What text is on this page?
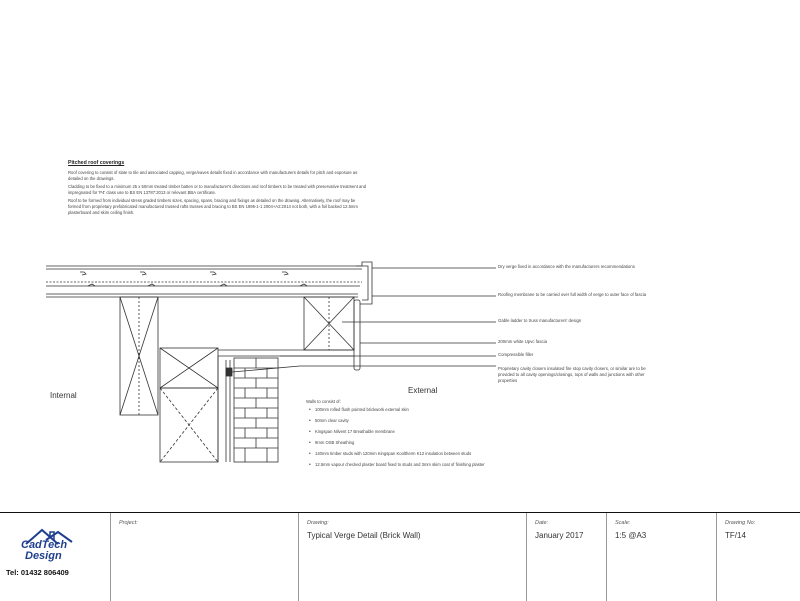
Pitched roof coverings

Roof covering to consist of slate to tile and associated capping, verge/eaves details fixed in accordance with manufacturers details for pitch and exposure as detailed on the drawings.

Cladding to be fixed to a minimum 25 x 50mm treated timber batten or to manufacturer's directions and roof timbers to be treated with preservative treatment and impregnated for 'P4' class use to BS EN 13787:2013 or relevant BBA certificate.

Roof to be formed from individual stress graded timbers sizes, spacing, spans, bracing and fixings as detailed on the drawing. Alternatively, the roof may be formed from proprietary prefabricated manufactured trussed rafts trusses and bracing to BS EN 1995-1-1 2004+A2:2014 not both, with a foil backed 12.5mm plasterboard and skim ceiling finish.

Dry verge fixed in accordance with the manufacturers recommendations
Roofing membrane to be carried over full width of verge to outer face of fascia
Gable ladder to truss manufacturers' design
200mm white Upvc fascia
Compressible filler
Proprietary cavity closers insulated fire stop cavity closers, or similar are to be provided to all cavity openings/closings, tops of walls and junctions with other properties
Internal
External
Walls to consist of:
• 100mm rolled flush pointed brickwork external skin
• 50mm clear cavity
• Kingspan Nilvent 17 Breathable membrane
• 9mm OSB Sheathing
• 140mm timber studs with 120mm Kingspan Kooltherm K12 insulation between studs
• 12.5mm vapour checked plaster board fixed to studs and 3mm skim coat of finishing plaster
Project:	Drawing:
Typical Verge Detail (Brick Wall)
Date:
January 2017
Scale:
1:5 @A3
Drawing No:
TF/14
CadTech
Design
Tel: 01432 806409
